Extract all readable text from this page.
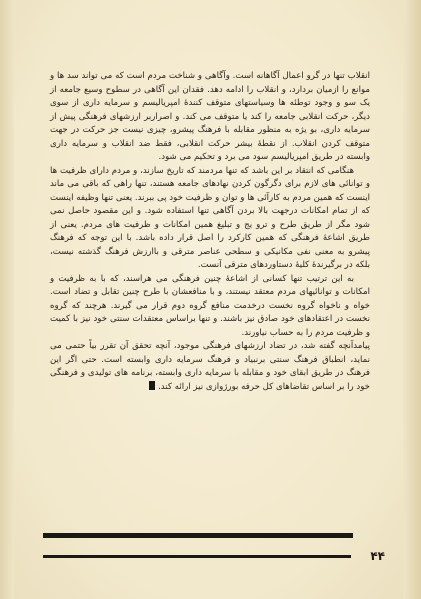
انقلاب تنها در گرو اعمال آگاهانه است. وآگاهی و شناخت مردم است که می تواند سد ها و موانع را ازمیان بردارد، و انقلاب را ادامه دهد. فقدان این آگاهی در سطوح وسیع جامعه از یک سو و وجود توطئه ها وسیاستهای متوقف کنندهٔ امپریالیسم و سرمایه داری از سوی دیگر، حرکت انقلابی جامعه را کند یا متوقف می کند. و اصراربر ارزشهای فرهنگی پیش از سرمایه داری، بو یژه به منظور مقابله با فرهنگ پیشرو، چیزی نیست جز حرکت در جهت متوقف کردن انقلاب. از نقطهٔ بیشر حرکت انقلابی، فقط ضد انقلاب و سرمایه داری وابسته در طریق امپریالیسم سود می برد و تحکیم می شود.

هنگامی که انتقاد بر این باشد که تنها مردمند که تاریخ سازند، و مردم دارای ظرفیت ها و توانائی های لازم برای دگرگون کردن نهادهای جامعه هستند، تنها راهی که باقی می ماند اینست که همین مردم به کارآئی ها و توان و ظرفیت خود پی ببرند. یعنی تنها وظیفه اینست که از تمام امکانات درجهت بالا بردن آگاهی تنها استفاده شود. و این مقصود حاصل نمی شود مگر از طریق طرح و ترو یج و تبلیغ همین امکانات و ظرفیت های مردم. یعنی از طریق اشاعهٔ فرهنگی که همین کارکرد را اصل قرار داده باشد. با این توجه که فرهنگ پیشرو به معنی نفی مکانیکی و سطحی عناصر مترقی و باارزش فرهنگ گذشته نیست، بلکه در برگیرندهٔ کلیهٔ دستاوردهای مترقی آنست.

به این ترتیب تنها کسانی از اشاعهٔ چنین فرهنگی می هراسند، که با به ظرفیت و امکانات و توانائیهای مردم معتقد نیستند، و با منافعشان با طرح چنین تقابل و تضاد است. خواه و ناخواه گروه نخست درخدمت منافع گروه دوم قرار می گیرند. هرچند که گروه نخست در اعتقادهای خود صادق نیز باشند. و تنها براساس معتقدات سنتی خود نیز با کمیت و ظرفیت مردم را به حساب نیاورند.

پیامدآنچه گفته شد، در تضاد ارزشهای فرهنگی موجود، آنچه تحقق آن تقرر بیاً حتمی می نماید، انطباق فرهنگ سنتی برنبیاد و فرهنگ سرمایه داری وابسته است. حتی اگر این فرهنگ در طریق ابقای خود و مقابله با سرمایه داری وابسته، برنامه های تولیدی و فرهنگی خود را بر اساس تقاضاهای کل حرفه بورژوازی نیز ارائه کند.

۴۴
